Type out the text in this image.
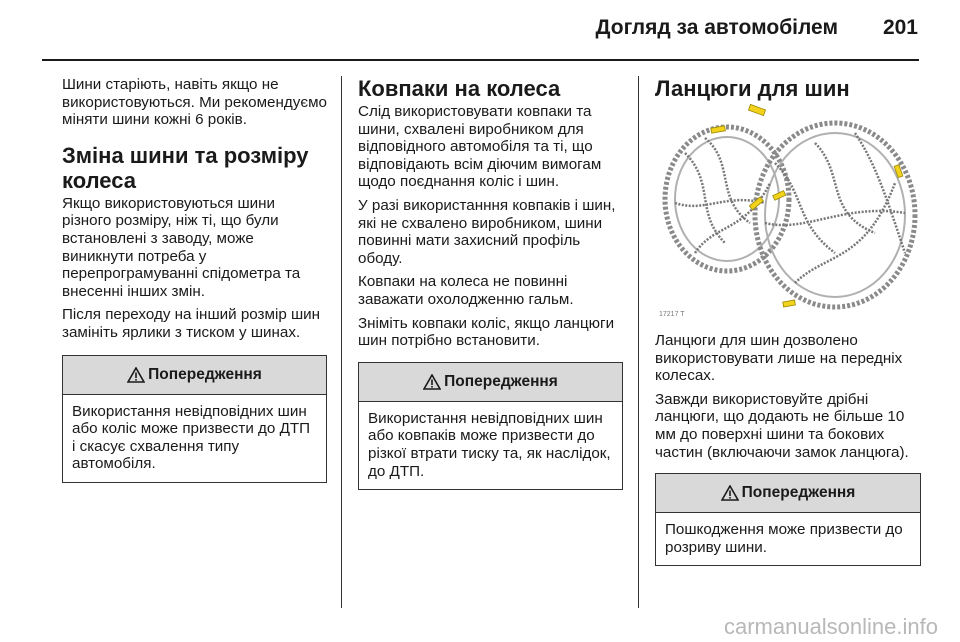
Догляд за автомобілем 201

Шини старіють, навіть якщо не використовуються. Ми рекомендуємо міняти шини кожні 6 років.

Зміна шини та розміру колеса

Якщо використовуються шини різного розміру, ніж ті, що були встановлені з заводу, може виникнути потреба у перепрограмуванні спідометра та внесенні інших змін.

Після переходу на інший розмір шин замініть ярлики з тиском у шинах.

Попередження
Використання невідповідних шин або коліс може призвести до ДТП і скасує схвалення типу автомобіля.
Ковпаки на колеса

Слід використовувати ковпаки та шини, схвалені виробником для відповідного автомобіля та ті, що відповідають всім діючим вимогам щодо поєднання коліс і шин.

У разі використанння ковпаків і шин, які не схвалено виробником, шини повинні мати захисний профіль ободу.

Ковпаки на колеса не повинні заважати охолодженню гальм.

Зніміть ковпаки коліс, якщо ланцюги шин потрібно встановити.

Попередження
Використання невідповідних шин або ковпаків може призвести до різкої втрати тиску та, як наслідок, до ДТП.
Ланцюги для шин
17217 T

Ланцюги для шин дозволено використовувати лише на передніх колесах.

Завжди використовуйте дрібні ланцюги, що додають не більше 10 мм до поверхні шини та бокових частин (включаючи замок ланцюга).

Попередження
Пошкодження може призвести до розриву шини.
carmanualsonline.info
